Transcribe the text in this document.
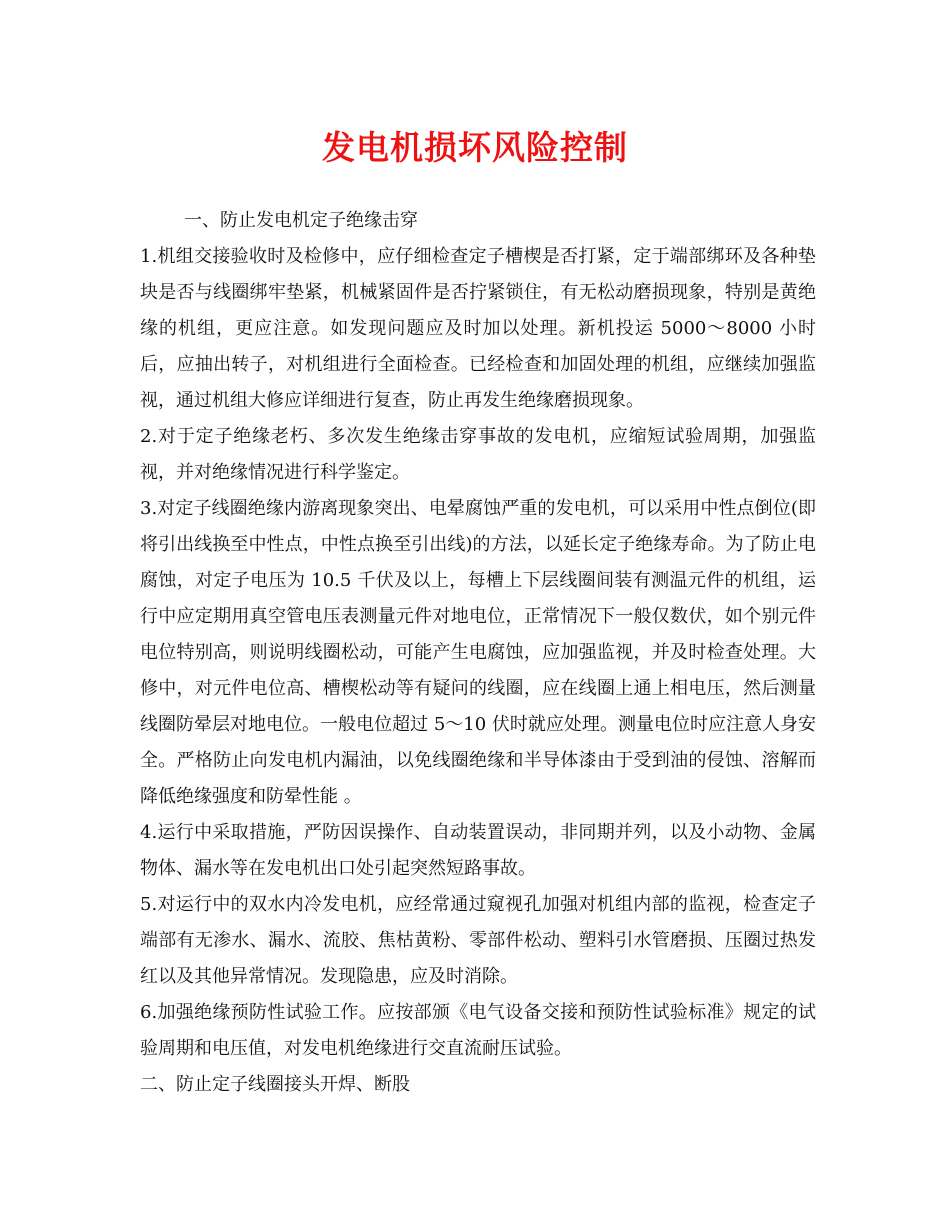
发电机损坏风险控制

一、防止发电机定子绝缘击穿

1.机组交接验收时及检修中，应仔细检查定子槽楔是否打紧，定于端部绑环及各种垫块是否与线圈绑牢垫紧，机械紧固件是否拧紧锁住，有无松动磨损现象，特别是黄绝缘的机组，更应注意。如发现问题应及时加以处理。新机投运 5000～8000 小时后，应抽出转子，对机组进行全面检查。已经检查和加固处理的机组，应继续加强监视，通过机组大修应详细进行复查，防止再发生绝缘磨损现象。

2.对于定子绝缘老朽、多次发生绝缘击穿事故的发电机，应缩短试验周期，加强监视，并对绝缘情况进行科学鉴定。

3.对定子线圈绝缘内游离现象突出、电晕腐蚀严重的发电机，可以采用中性点倒位(即将引出线换至中性点，中性点换至引出线)的方法，以延长定子绝缘寿命。为了防止电腐蚀，对定子电压为 10.5 千伏及以上，每槽上下层线圈间装有测温元件的机组，运行中应定期用真空管电压表测量元件对地电位，正常情况下一般仅数伏，如个别元件电位特别高，则说明线圈松动，可能产生电腐蚀，应加强监视，并及时检查处理。大修中，对元件电位高、槽楔松动等有疑问的线圈，应在线圈上通上相电压，然后测量线圈防晕层对地电位。一般电位超过 5～10 伏时就应处理。测量电位时应注意人身安全。严格防止向发电机内漏油，以免线圈绝缘和半导体漆由于受到油的侵蚀、溶解而降低绝缘强度和防晕性能 。

4.运行中采取措施，严防因误操作、自动装置误动，非同期并列，以及小动物、金属物体、漏水等在发电机出口处引起突然短路事故。

5.对运行中的双水内冷发电机，应经常通过窥视孔加强对机组内部的监视，检查定子端部有无渗水、漏水、流胶、焦枯黄粉、零部件松动、塑料引水管磨损、压圈过热发红以及其他异常情况。发现隐患，应及时消除。

6.加强绝缘预防性试验工作。应按部颁《电气设备交接和预防性试验标准》规定的试验周期和电压值，对发电机绝缘进行交直流耐压试验。

二、防止定子线圈接头开焊、断股
